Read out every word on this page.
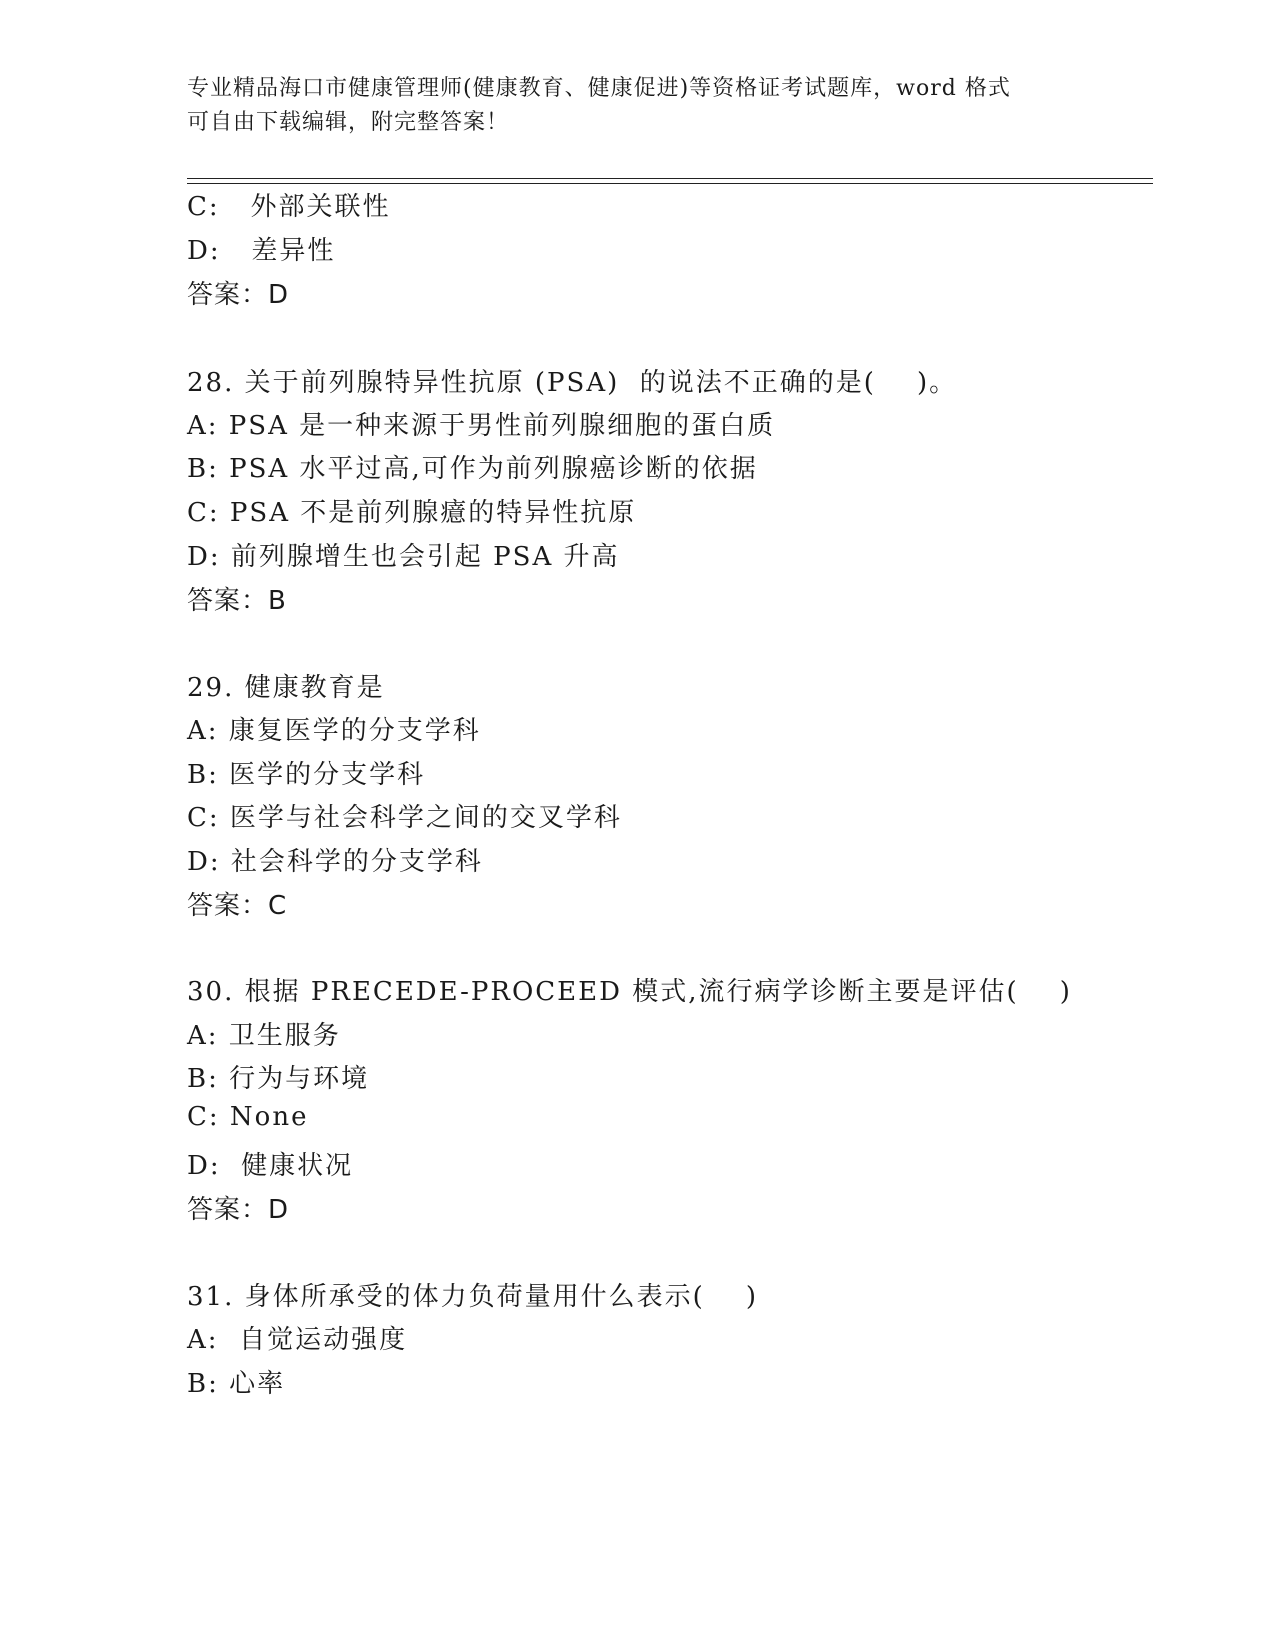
专业精品海口市健康管理师(健康教育、健康促进)等资格证考试题库，word 格式
可自由下载编辑，附完整答案！
C:   外部关联性
D:   差异性
答案：D
28. 关于前列腺特异性抗原 (PSA)  的说法不正确的是(    )。
A: PSA 是一种来源于男性前列腺细胞的蛋白质
B: PSA 水平过高,可作为前列腺癌诊断的依据
C: PSA 不是前列腺癔的特异性抗原
D: 前列腺增生也会引起 PSA 升高
答案：B
29. 健康教育是
A: 康复医学的分支学科
B: 医学的分支学科
C: 医学与社会科学之间的交叉学科
D: 社会科学的分支学科
答案：C
30. 根据 PRECEDE-PROCEED 模式,流行病学诊断主要是评估(    )
A: 卫生服务
B: 行为与环境
C: None
D:  健康状况
答案：D
31. 身体所承受的体力负荷量用什么表示(    )
A:  自觉运动强度
B: 心率
